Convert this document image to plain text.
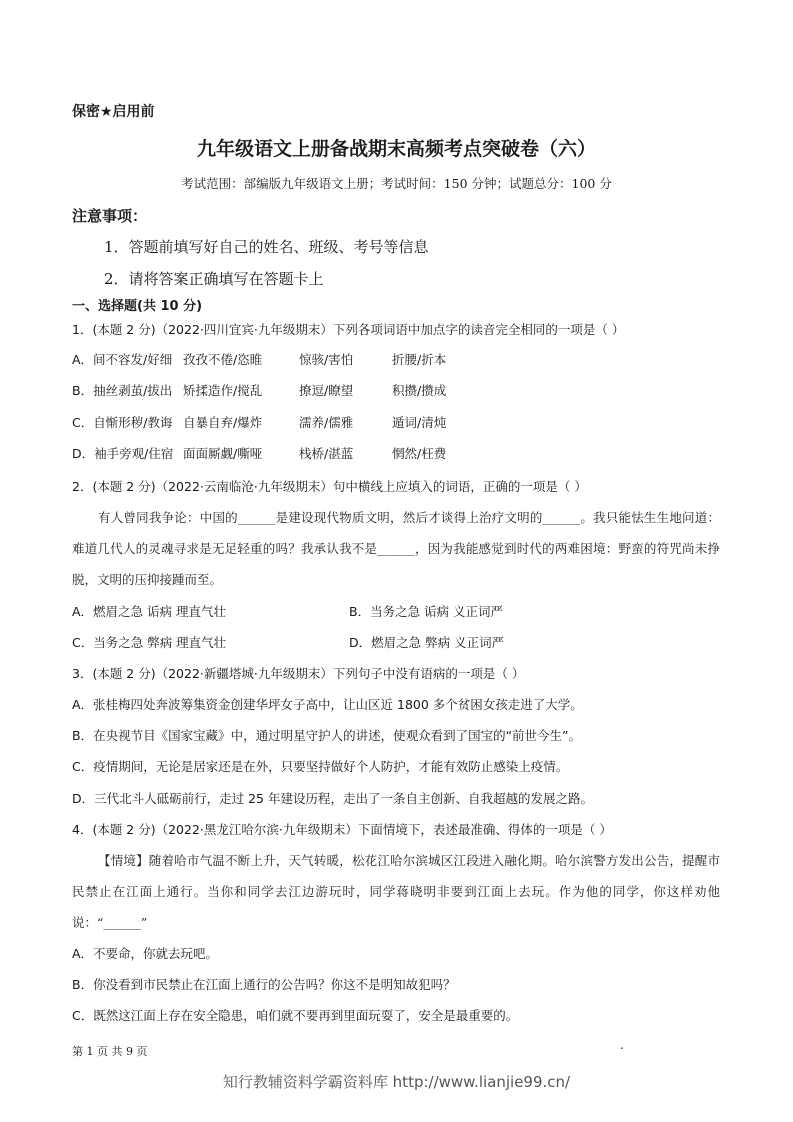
保密★启用前
九年级语文上册备战期末高频考点突破卷（六）
考试范围：部编版九年级语文上册；考试时间：150 分钟；试题总分：100 分
注意事项：
1．答题前填写好自己的姓名、班级、考号等信息
2．请将答案正确填写在答题卡上
一、选择题(共 10 分)
1．(本题 2 分)（2022·四川宜宾·九年级期末）下列各项词语中加点字的读音完全相同的一项是（ ）
A．间不容发/好细 孜孜不倦/恣睢	惊骇/害怕	折腰/折本
B．抽丝剥茧/拔出 矫揉造作/搅乱	撩逗/瞭望	积攒/攒成
C．自惭形秽/教诲 自暴自弃/爆炸	濡养/儒雅	遁词/清炖
D．袖手旁观/住宿 面面厮觑/嘶哑	栈桥/湛蓝	惘然/枉费
2．(本题 2 分)（2022·云南临沧·九年级期末）句中横线上应填入的词语，正确的一项是（ ）
有人曾同我争论：中国的______是建设现代物质文明，然后才谈得上治疗文明的______。我只能怯生生地问道：难道几代人的灵魂寻求是无足轻重的吗？我承认我不是______，因为我能感觉到时代的两难困境：野蛮的符咒尚未挣脱，文明的压抑接踵而至。
A．燃眉之急 诟病 理直气壮	B．当务之急 诟病 义正词严
C．当务之急 弊病 理直气壮	D．燃眉之急 弊病 义正词严
3．(本题 2 分)（2022·新疆塔城·九年级期末）下列句子中没有语病的一项是（ ）
A．张桂梅四处奔波筹集资金创建华坪女子高中，让山区近 1800 多个贫困女孩走进了大学。
B．在央视节目《国家宝藏》中，通过明星守护人的讲述，使观众看到了国宝的“前世今生”。
C．疫情期间，无论是居家还是在外，只要坚持做好个人防护，才能有效防止感染上疫情。
D．三代北斗人砥砺前行，走过 25 年建设历程，走出了一条自主创新、自我超越的发展之路。
4．(本题 2 分)（2022·黑龙江哈尔滨·九年级期末）下面情境下，表述最准确、得体的一项是（ ）
【情境】随着哈市气温不断上升，天气转暖，松花江哈尔滨城区江段进入融化期。哈尔滨警方发出公告，提醒市民禁止在江面上通行。当你和同学去江边游玩时，同学蒋晓明非要到江面上去玩。作为他的同学，你这样劝他说：“______”
A．不要命，你就去玩吧。
B．你没看到市民禁止在江面上通行的公告吗？你这不是明知故犯吗？
C．既然这江面上存在安全隐患，咱们就不要再到里面玩耍了，安全是最重要的。
第 1 页 共 9 页	.
知行教辅资料学霸资料库 http://www.lianjie99.cn/
